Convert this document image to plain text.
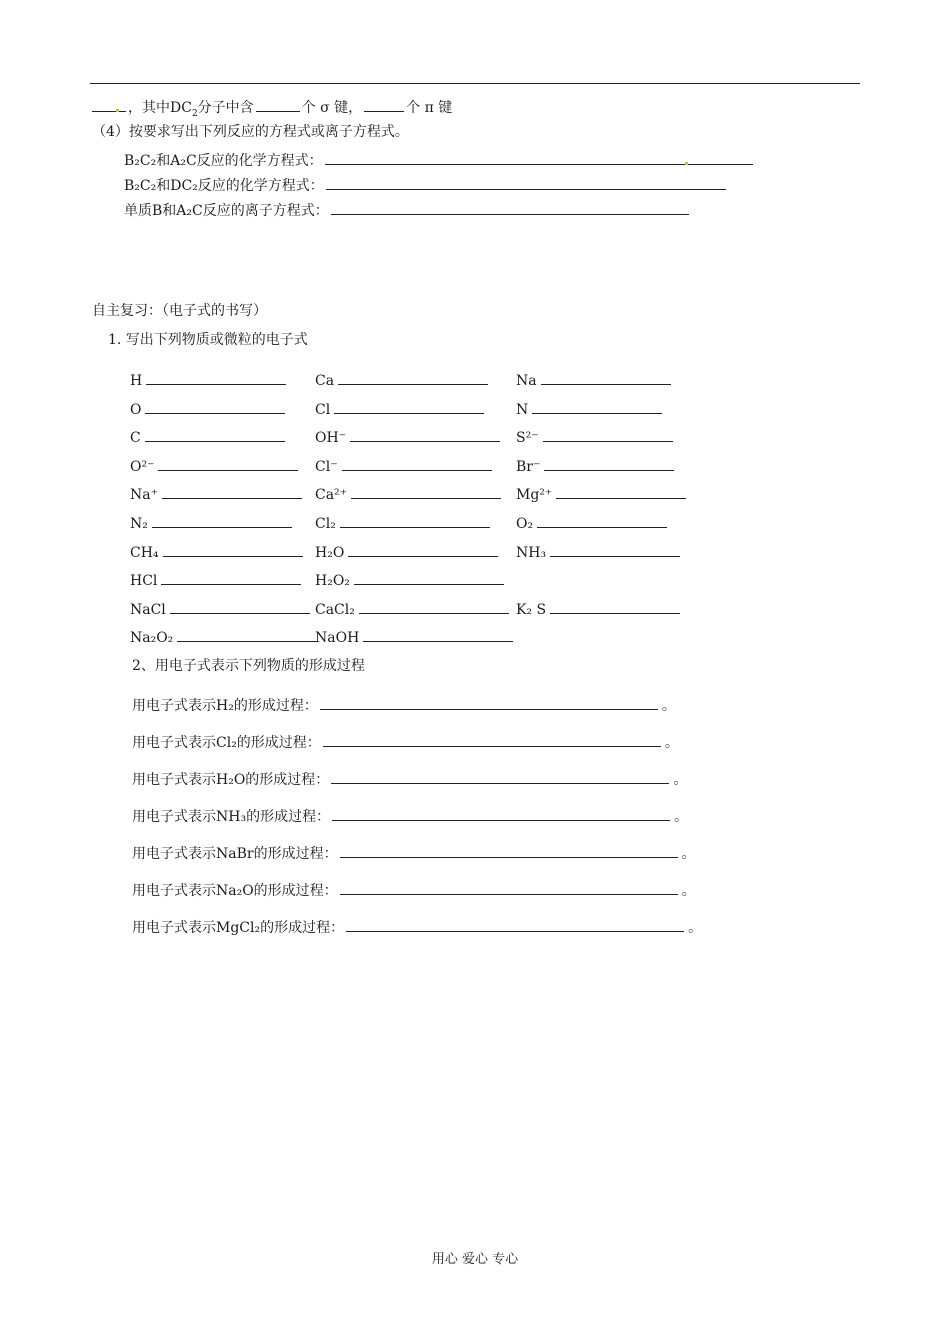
，其中$DC_2$分子中含	个 σ 键，	个 π 键
（4）按要求写出下列反应的方程式或离子方程式。
B₂C₂和A₂C反应的化学方程式：
B₂C₂和DC₂反应的化学方程式：
单质B和A₂C反应的离子方程式：
自主复习：（电子式的书写）
1. 写出下列物质或微粒的电子式
H	Ca	Na
O	Cl	N
C	OH⁻	S²⁻
O²⁻	Cl⁻	Br⁻
Na⁺	Ca²⁺	Mg²⁺
N₂	Cl₂	O₂
CH₄	H₂O	NH₃
HCl	H₂O₂
NaCl	CaCl₂	K₂ S
Na₂O₂	NaOH
2、用电子式表示下列物质的形成过程
用电子式表示H₂的形成过程：	。
用电子式表示Cl₂的形成过程：	。
用电子式表示H₂O的形成过程：	。
用电子式表示NH₃的形成过程：	。
用电子式表示NaBr的形成过程：	。
用电子式表示Na₂O的形成过程：	。
用电子式表示MgCl₂的形成过程：	。
用心 爱心 专心
